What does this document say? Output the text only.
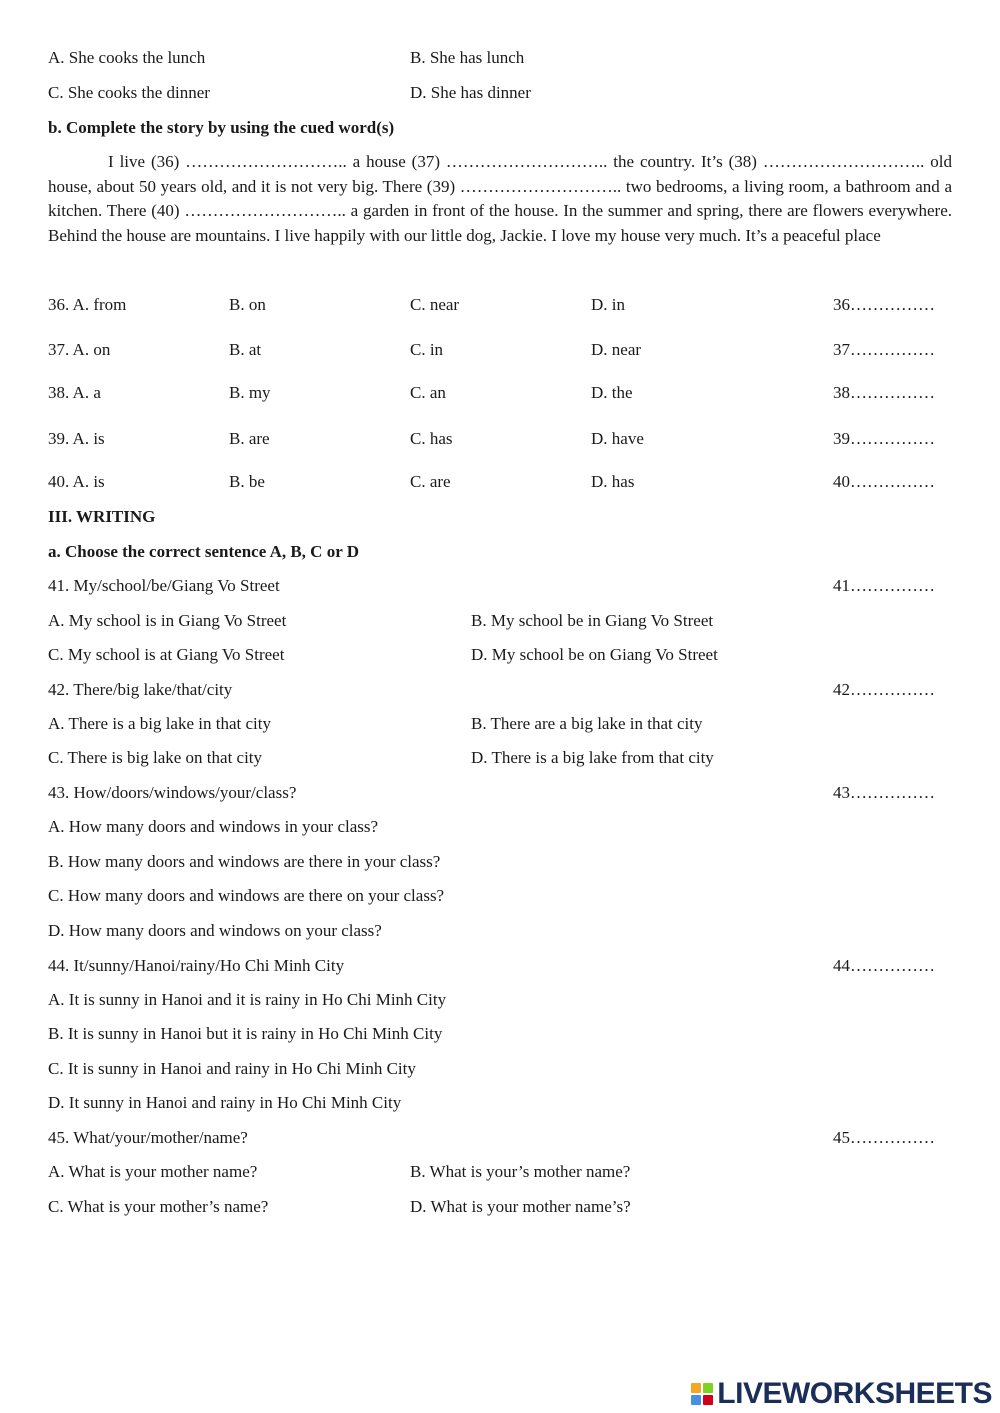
A. She cooks the lunch	B. She has lunch
C. She cooks the dinner	D. She has dinner
b. Complete the story by using the cued word(s)
I live (36) ……………………….. a house (37) ……………………….. the country. It’s (38) ……………………….. old house, about 50 years old, and it is not very big. There (39) ……………………….. two bedrooms, a living room, a bathroom and a kitchen. There (40) ……………………….. a garden in front of the house. In the summer and spring, there are flowers everywhere. Behind the house are mountains. I live happily with our little dog, Jackie. I love my house very much. It’s a peaceful place
36. A. from	B. on	C. near	D. in	36……………
37. A. on	B. at	C. in	D. near	37……………
38. A. a	B. my	C. an	D. the	38……………
39. A. is	B. are	C. has	D. have	39……………
40. A. is	B. be	C. are	D. has	40……………
III. WRITING
a. Choose the correct sentence A, B, C or D
41. My/school/be/Giang Vo Street	41……………
A. My school is in Giang Vo Street	B. My school be in Giang Vo Street
C. My school is at Giang Vo Street	D. My school be on Giang Vo Street
42. There/big lake/that/city	42……………
A. There is a big lake in that city	B. There are a big lake in that city
C. There is big lake on that city	D. There is a big lake from that city
43. How/doors/windows/your/class?	43……………
A. How many doors and windows in your class?
B. How many doors and windows are there in your class?
C. How many doors and windows are there on your class?
D. How many doors and windows on your class?
44. It/sunny/Hanoi/rainy/Ho Chi Minh City	44……………
A. It is sunny in Hanoi and it is rainy in Ho Chi Minh City
B. It is sunny in Hanoi but it is rainy in Ho Chi Minh City
C. It is sunny in Hanoi and rainy in Ho Chi Minh City
D. It sunny in Hanoi and rainy in Ho Chi Minh City
45. What/your/mother/name?	45……………
A. What is your mother name?	B. What is your’s mother name?
C. What is your mother’s name?	D. What is your mother name’s?
LIVEWORKSHEETS
